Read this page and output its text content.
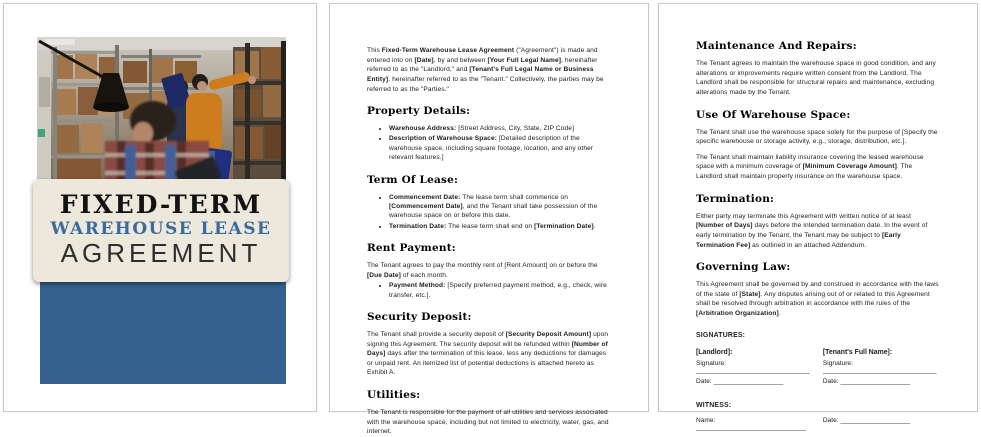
FIXED-TERM
WAREHOUSE LEASE
AGREEMENT

This Fixed-Term Warehouse Lease Agreement ("Agreement") is made and entered into on [Date], by and between [Your Full Legal Name], hereinafter referred to as the "Landlord," and [Tenant's Full Legal Name or Business Entity], hereinafter referred to as the "Tenant." Collectively, the parties may be referred to as the "Parties."

Property Details:
• Warehouse Address: [Street Address, City, State, ZIP Code]
• Description of Warehouse Space: [Detailed description of the warehouse space, including square footage, location, and any other relevant features.]
Term Of Lease:
• Commencement Date: The lease term shall commence on [Commencement Date], and the Tenant shall take possession of the warehouse space on or before this date.
• Termination Date: The lease term shall end on [Termination Date].
Rent Payment:

The Tenant agrees to pay the monthly rent of [Rent Amount] on or before the [Due Date] of each month.

• Payment Method: [Specify preferred payment method, e.g., check, wire transfer, etc.].
Security Deposit:

The Tenant shall provide a security deposit of [Security Deposit Amount] upon signing this Agreement. The security deposit will be refunded within [Number of Days] days after the termination of this lease, less any deductions for damages or unpaid rent. An itemized list of potential deductions is attached hereto as Exhibit A.

Utilities:

The Tenant is responsible for the payment of all utilities and services associated with the warehouse space, including but not limited to electricity, water, gas, and internet.

Maintenance And Repairs:

The Tenant agrees to maintain the warehouse space in good condition, and any alterations or improvements require written consent from the Landlord. The Landlord shall be responsible for structural repairs and maintenance, excluding alterations made by the Tenant.

Use Of Warehouse Space:

The Tenant shall use the warehouse space solely for the purpose of [Specify the specific warehouse or storage activity, e.g., storage, distribution, etc.].

The Tenant shall maintain liability insurance covering the leased warehouse space with a minimum coverage of [Minimum Coverage Amount]. The Landlord shall maintain property insurance on the warehouse space.

Termination:

Either party may terminate this Agreement with written notice of at least [Number of Days] days before the intended termination date. In the event of early termination by the Tenant, the Tenant may be subject to [Early Termination Fee] as outlined in an attached Addendum.

Governing Law:

This Agreement shall be governed by and construed in accordance with the laws of the state of [State]. Any disputes arising out of or related to this Agreement shall be resolved through arbitration in accordance with the rules of the [Arbitration Organization].

SIGNATURES:
[Landlord]:
Signature: _______________________________
Date: ___________________
[Tenant's Full Name]:
Signature: _______________________________
Date: ___________________
WITNESS:
Name: ______________________________
Date: ___________________
